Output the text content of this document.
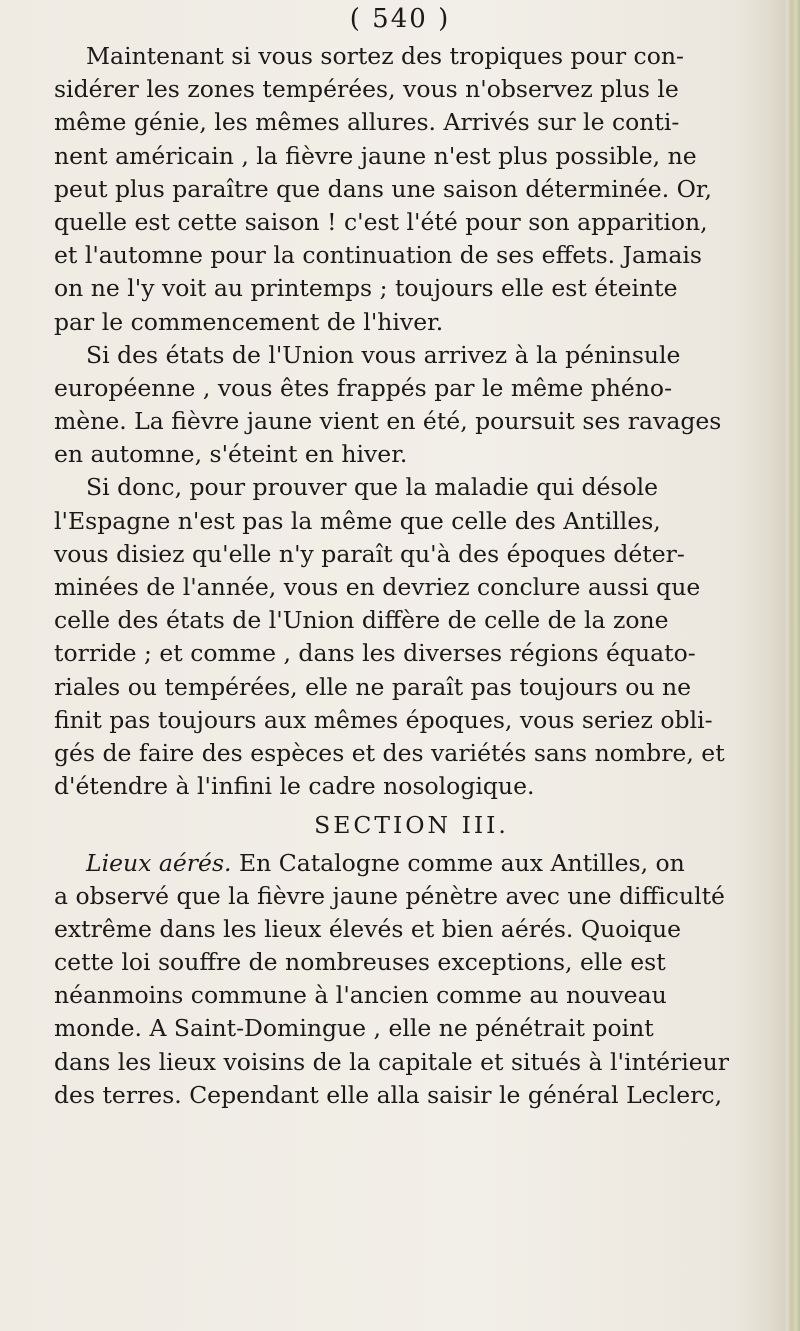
( 540 )
Maintenant si vous sortez des tropiques pour con-
sidérer les zones tempérées, vous n'observez plus le
même génie, les mêmes allures. Arrivés sur le conti-
nent américain , la fièvre jaune n'est plus possible, ne
peut plus paraître que dans une saison déterminée. Or,
quelle est cette saison ! c'est l'été pour son apparition,
et l'automne pour la continuation de ses effets. Jamais
on ne l'y voit au printemps ; toujours elle est éteinte
par le commencement de l'hiver.
Si des états de l'Union vous arrivez à la péninsule
européenne , vous êtes frappés par le même phéno-
mène. La fièvre jaune vient en été, poursuit ses ravages
en automne, s'éteint en hiver.
Si donc, pour prouver que la maladie qui désole
l'Espagne n'est pas la même que celle des Antilles,
vous disiez qu'elle n'y paraît qu'à des époques déter-
minées de l'année, vous en devriez conclure aussi que
celle des états de l'Union diffère de celle de la zone
torride ; et comme , dans les diverses régions équato-
riales ou tempérées, elle ne paraît pas toujours ou ne
finit pas toujours aux mêmes époques, vous seriez obli-
gés de faire des espèces et des variétés sans nombre, et
d'étendre à l'infini le cadre nosologique.
SECTION III.
Lieux aérés. En Catalogne comme aux Antilles, on
a observé que la fièvre jaune pénètre avec une difficulté
extrême dans les lieux élevés et bien aérés. Quoique
cette loi souffre de nombreuses exceptions, elle est
néanmoins commune à l'ancien comme au nouveau
monde. A Saint-Domingue , elle ne pénétrait point
dans les lieux voisins de la capitale et situés à l'intérieur
des terres. Cependant elle alla saisir le général Leclerc,
